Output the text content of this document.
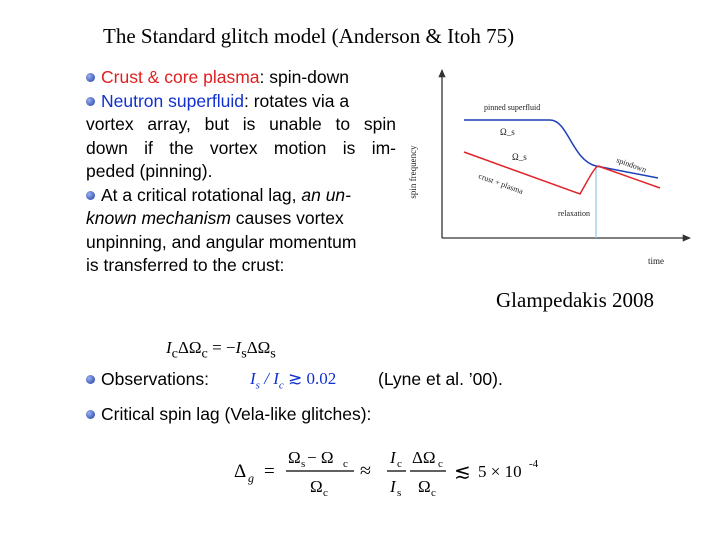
The Standard glitch model (Anderson & Itoh 75)
Crust & core plasma: spin-down
Neutron superfluid: rotates via a
vortex array, but is unable to spin
down if the vortex motion is im-
peded (pinning).
At a critical rotational lag, an un-
known mechanism causes vortex
unpinning, and angular momentum
is transferred to the crust:
spin frequency
time
pinned superfluid
Ω_s
Ω_s
crust + plasma
spindown
relaxation
Glampedakis 2008
$I_c\Delta\Omega_c = -I_s\Delta\Omega_s$
Observations: $I_s / I_c$ ≳ 0.02 (Lyne et al. ’00).
Critical spin lag (Vela-like glitches):
Δ g =
Ω s − Ω c
Ω c
≈
I c
I s
ΔΩ c
Ω c
≲ 5 × 10 -4
